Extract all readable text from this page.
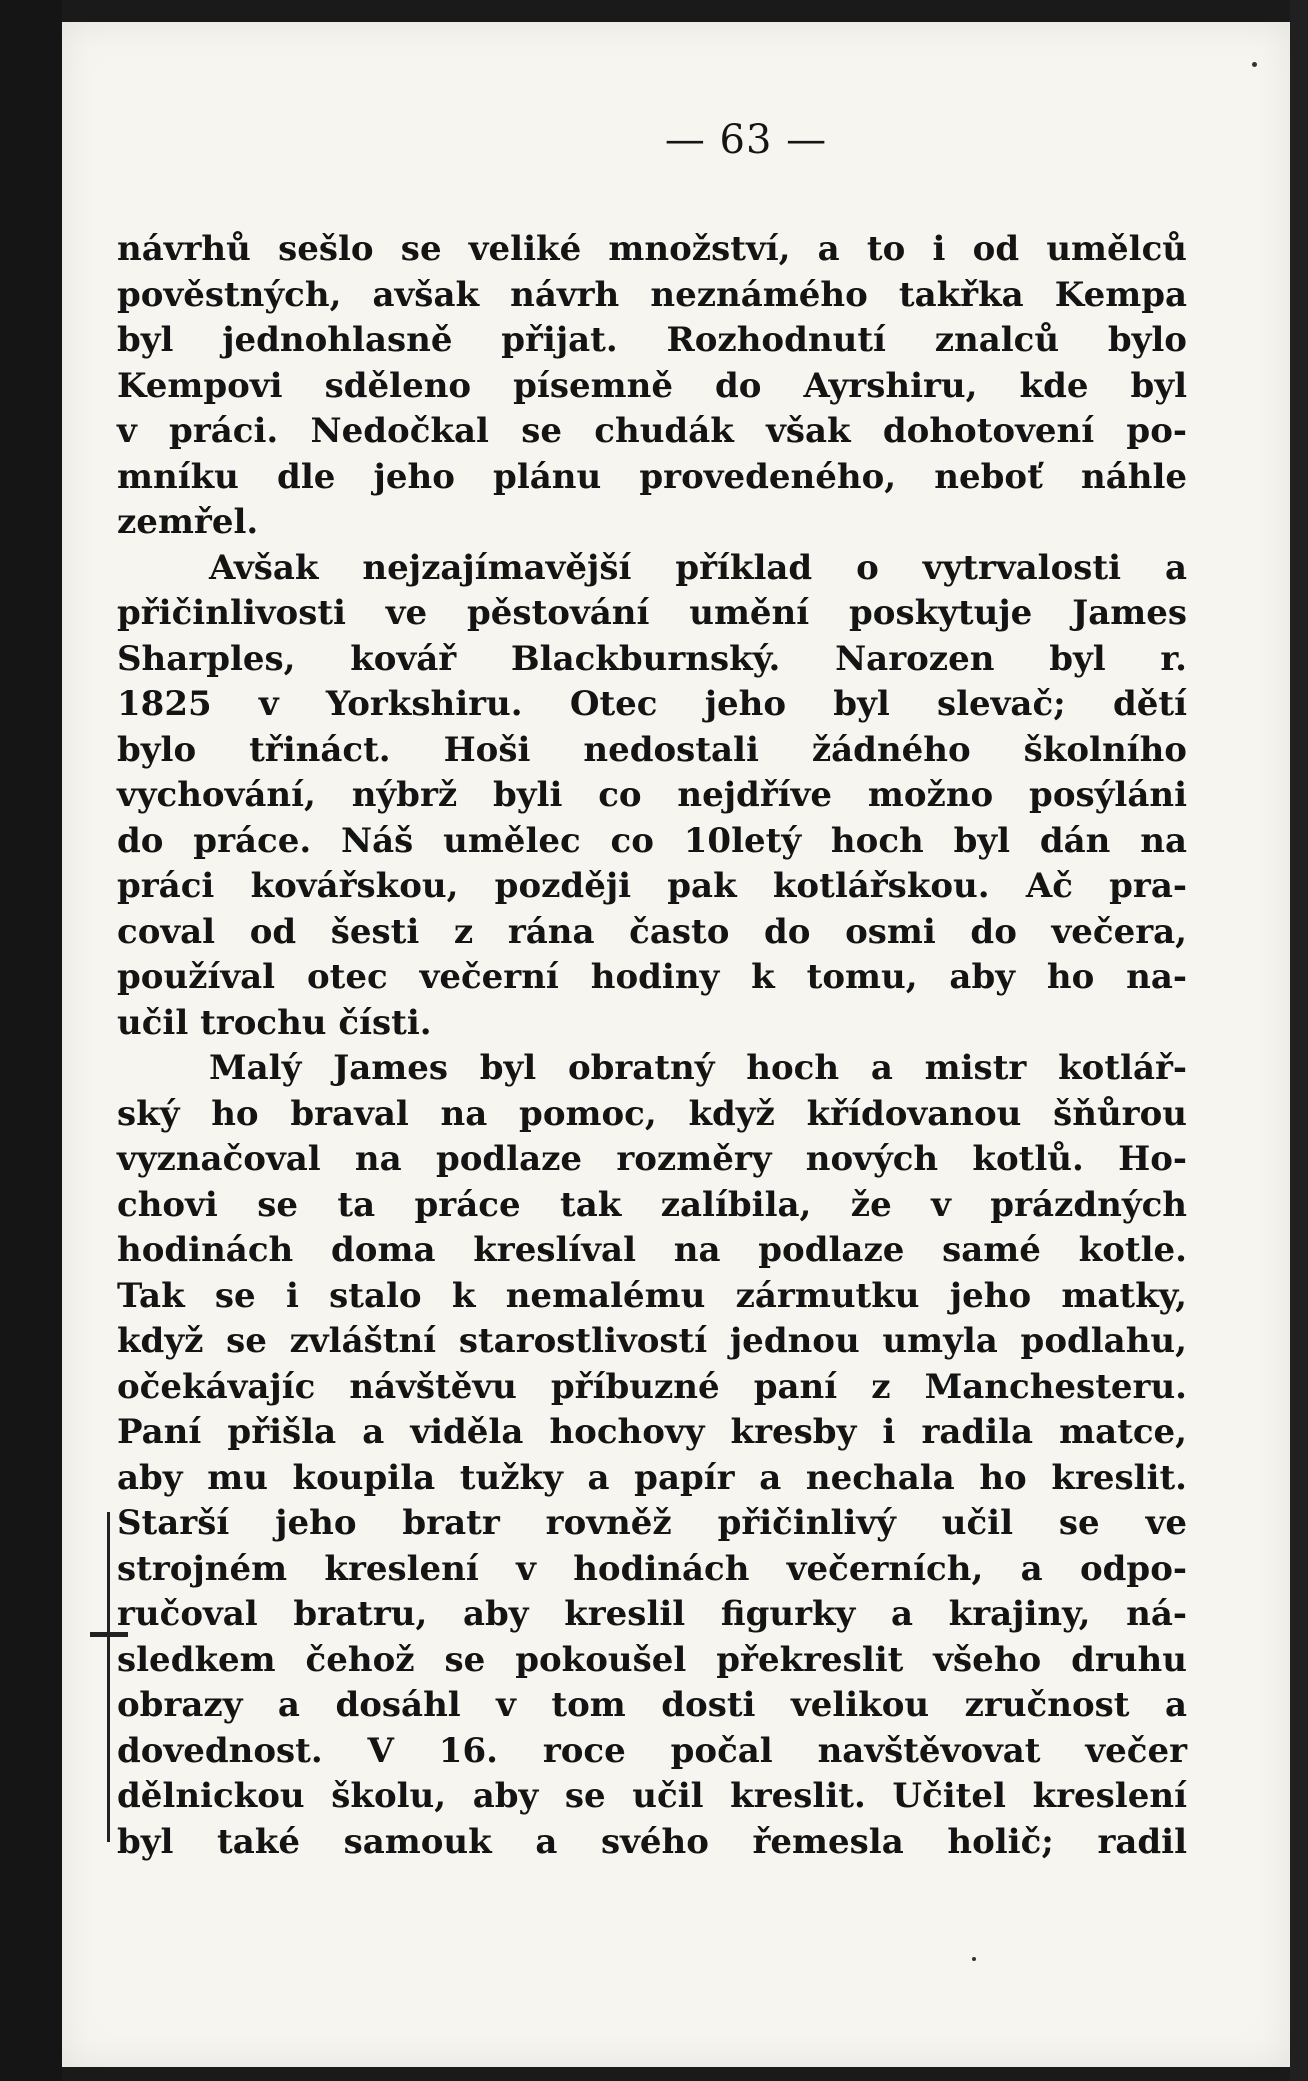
— 63 —
návrhů sešlo se veliké množství, a to i od umělců
pověstných, avšak návrh neznámého takřka Kempa
byl jednohlasně přijat. Rozhodnutí znalců bylo
Kempovi sděleno písemně do Ayrshiru, kde byl
v práci. Nedočkal se chudák však dohotovení po-
mníku dle jeho plánu provedeného, neboť náhle
zemřel.
Avšak nejzajímavější příklad o vytrvalosti a
přičinlivosti ve pěstování umění poskytuje James
Sharples, kovář Blackburnský. Narozen byl r.
1825 v Yorkshiru. Otec jeho byl slevač; dětí
bylo třináct. Hoši nedostali žádného školního
vychování, nýbrž byli co nejdříve možno posýláni
do práce. Náš umělec co 10letý hoch byl dán na
práci kovářskou, později pak kotlářskou. Ač pra-
coval od šesti z rána často do osmi do večera,
používal otec večerní hodiny k tomu, aby ho na-
učil trochu čísti.
Malý James byl obratný hoch a mistr kotlář-
ský ho braval na pomoc, když křídovanou šňůrou
vyznačoval na podlaze rozměry nových kotlů. Ho-
chovi se ta práce tak zalíbila, že v prázdných
hodinách doma kreslíval na podlaze samé kotle.
Tak se i stalo k nemalému zármutku jeho matky,
když se zvláštní starostlivostí jednou umyla podlahu,
očekávajíc návštěvu příbuzné paní z Manchesteru.
Paní přišla a viděla hochovy kresby i radila matce,
aby mu koupila tužky a papír a nechala ho kreslit.
Starší jeho bratr rovněž přičinlivý učil se ve
strojném kreslení v hodinách večerních, a odpo-
ručoval bratru, aby kreslil figurky a krajiny, ná-
sledkem čehož se pokoušel překreslit všeho druhu
obrazy a dosáhl v tom dosti velikou zručnost a
dovednost. V 16. roce počal navštěvovat večer
dělnickou školu, aby se učil kreslit. Učitel kreslení
byl také samouk a svého řemesla holič; radil
